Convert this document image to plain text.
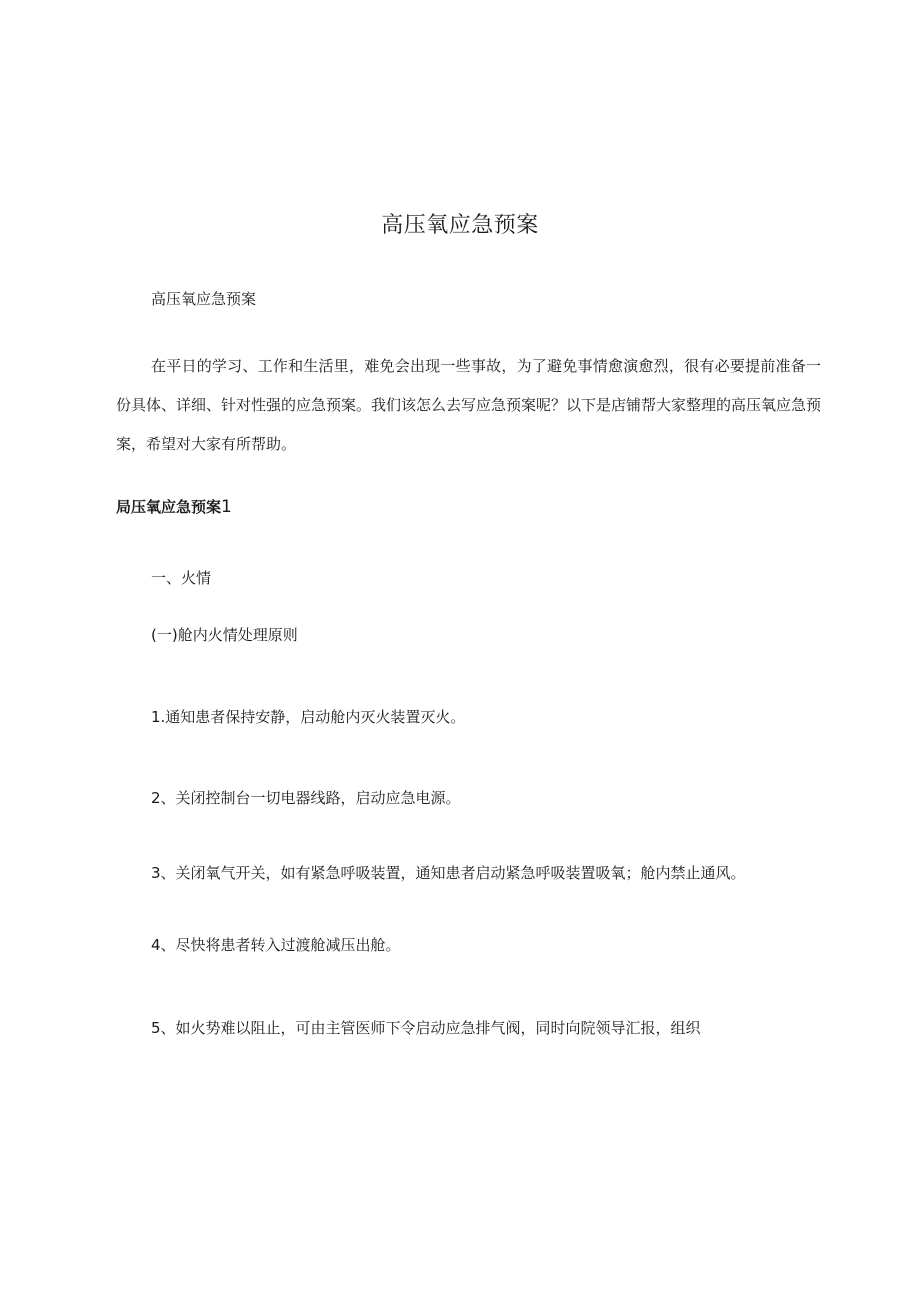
高压氧应急预案

高压氧应急预案

在平日的学习、工作和生活里，难免会出现一些事故，为了避免事情愈演愈烈，很有必要提前准备一份具体、详细、针对性强的应急预案。我们该怎么去写应急预案呢？以下是店铺帮大家整理的高压氧应急预案，希望对大家有所帮助。

局压氧应急预案1

一、火情

(一)舱内火情处理原则

1.通知患者保持安静，启动舱内灭火装置灭火。

2、关闭控制台一切电器线路，启动应急电源。

3、关闭氧气开关，如有紧急呼吸装置，通知患者启动紧急呼吸装置吸氧；舱内禁止通风。

4、尽快将患者转入过渡舱减压出舱。

5、如火势难以阻止，可由主管医师下令启动应急排气阀，同时向院领导汇报，组织
